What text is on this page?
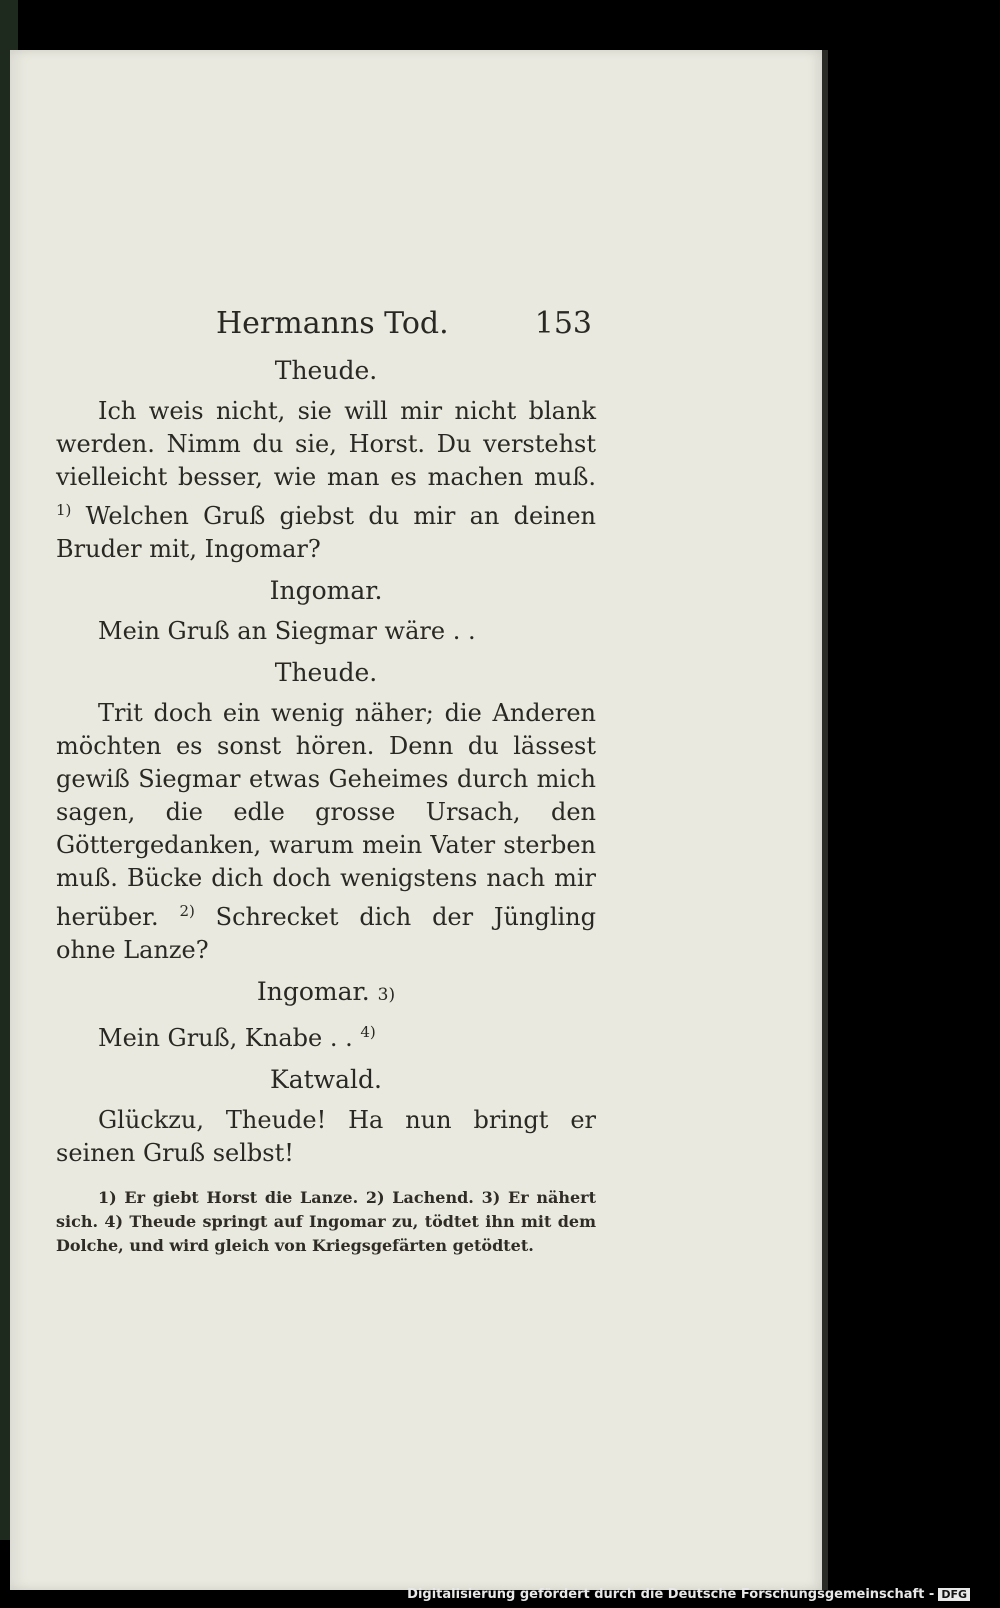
Hermanns Tod.	153
Theude.

Ich weis nicht, sie will mir nicht blank werden. Nimm du sie, Horst. Du verstehst vielleicht besser, wie man es machen muß. $^{1)}$ Welchen Gruß giebst du mir an deinen Bruder mit, Ingomar?

Ingomar.

Mein Gruß an Siegmar wäre . .

Theude.

Trit doch ein wenig näher; die Anderen möchten es sonst hören. Denn du lässest gewiß Siegmar etwas Geheimes durch mich sagen, die edle grosse Ursach, den Göttergedanken, warum mein Vater sterben muß. Bücke dich doch wenigstens nach mir herüber. $^{2)}$ Schrecket dich der Jüngling ohne Lanze?

Ingomar. 3)

Mein Gruß, Knabe . . $^{4)}$

Katwald.

Glückzu, Theude! Ha nun bringt er seinen Gruß selbst!

1) Er giebt Horst die Lanze. 2) Lachend. 3) Er nähert sich. 4) Theude springt auf Ingomar zu, tödtet ihn mit dem Dolche, und wird gleich von Kriegsgefärten getödtet.
Digitalisierung gefördert durch die Deutsche Forschungsgemeinschaft - DFG
